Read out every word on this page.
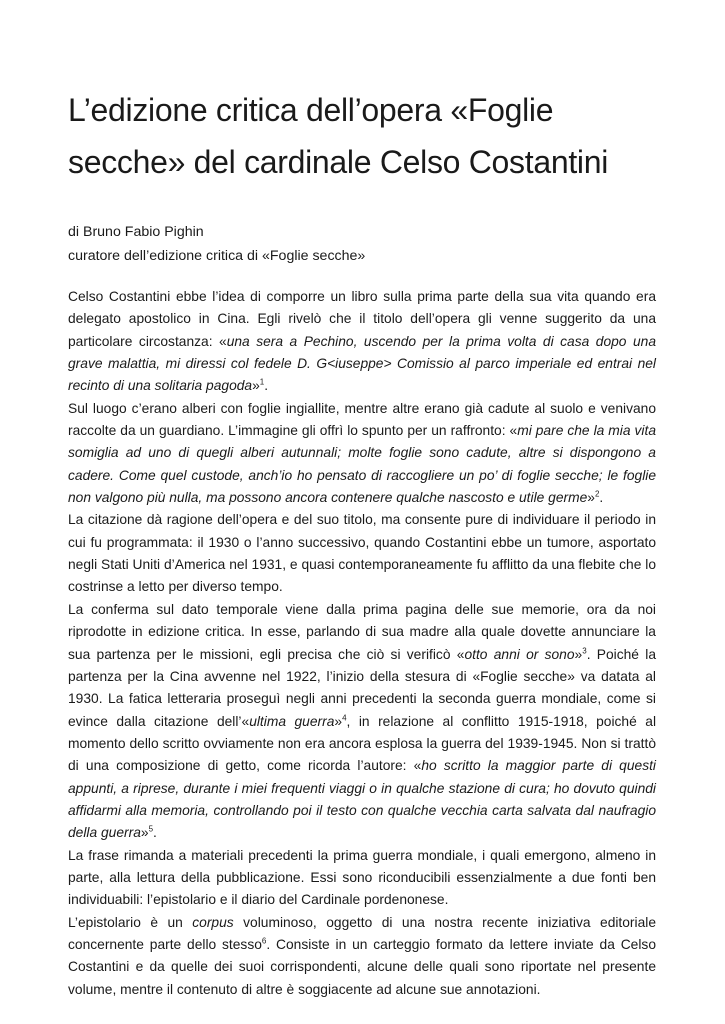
L’edizione critica dell’opera «Foglie secche» del cardinale Celso Costantini
di Bruno Fabio Pighin
curatore dell’edizione critica di «Foglie secche»

Celso Costantini ebbe l’idea di comporre un libro sulla prima parte della sua vita quando era delegato apostolico in Cina. Egli rivelò che il titolo dell’opera gli venne suggerito da una particolare circostanza: «una sera a Pechino, uscendo per la prima volta di casa dopo una grave malattia, mi diressi col fedele D. G<iuseppe> Comissio al parco imperiale ed entrai nel recinto di una solitaria pagoda»$^1$.

Sul luogo c’erano alberi con foglie ingiallite, mentre altre erano già cadute al suolo e venivano raccolte da un guardiano. L’immagine gli offrì lo spunto per un raffronto: «mi pare che la mia vita somiglia ad uno di quegli alberi autunnali; molte foglie sono cadute, altre si dispongono a cadere. Come quel custode, anch’io ho pensato di raccogliere un po’ di foglie secche; le foglie non valgono più nulla, ma possono ancora contenere qualche nascosto e utile germe»$^2$.

La citazione dà ragione dell’opera e del suo titolo, ma consente pure di individuare il periodo in cui fu programmata: il 1930 o l’anno successivo, quando Costantini ebbe un tumore, asportato negli Stati Uniti d’America nel 1931, e quasi contemporaneamente fu afflitto da una flebite che lo costrinse a letto per diverso tempo.

La conferma sul dato temporale viene dalla prima pagina delle sue memorie, ora da noi riprodotte in edizione critica. In esse, parlando di sua madre alla quale dovette annunciare la sua partenza per le missioni, egli precisa che ciò si verificò «otto anni or sono»$^3$. Poiché la partenza per la Cina avvenne nel 1922, l’inizio della stesura di «Foglie secche» va datata al 1930. La fatica letteraria proseguì negli anni precedenti la seconda guerra mondiale, come si evince dalla citazione dell’«ultima guerra»$^4$, in relazione al conflitto 1915-1918, poiché al momento dello scritto ovviamente non era ancora esplosa la guerra del 1939-1945. Non si trattò di una composizione di getto, come ricorda l’autore: «ho scritto la maggior parte di questi appunti, a riprese, durante i miei frequenti viaggi o in qualche stazione di cura; ho dovuto quindi affidarmi alla memoria, controllando poi il testo con qualche vecchia carta salvata dal naufragio della guerra»$^5$.

La frase rimanda a materiali precedenti la prima guerra mondiale, i quali emergono, almeno in parte, alla lettura della pubblicazione. Essi sono riconducibili essenzialmente a due fonti ben individuabili: l’epistolario e il diario del Cardinale pordenonese.

L’epistolario è un corpus voluminoso, oggetto di una nostra recente iniziativa editoriale concernente parte dello stesso$^6$. Consiste in un carteggio formato da lettere inviate da Celso Costantini e da quelle dei suoi corrispondenti, alcune delle quali sono riportate nel presente volume, mentre il contenuto di altre è soggiacente ad alcune sue annotazioni.
